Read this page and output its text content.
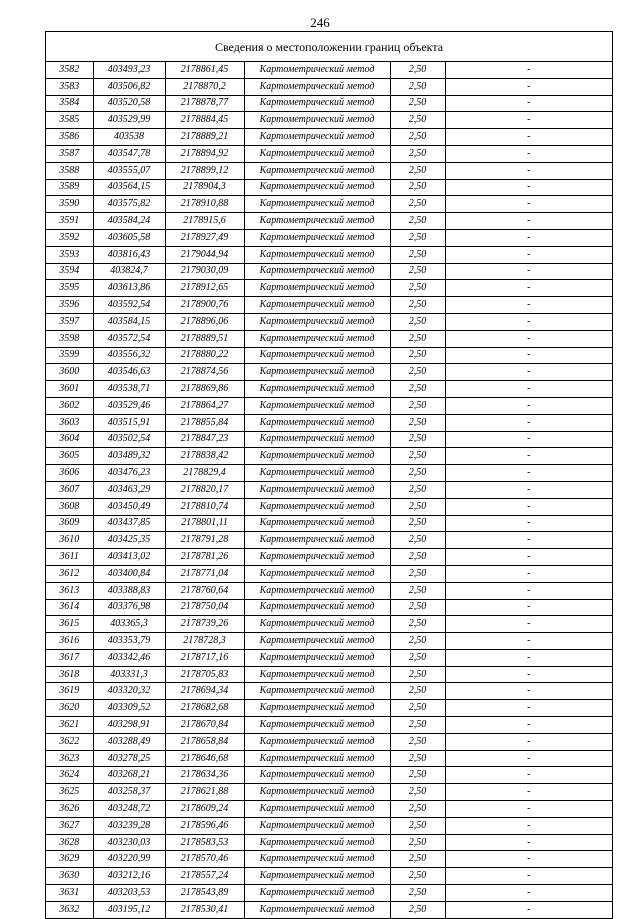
246
Сведения о местоположении границ объекта
3582	403493,23	2178861,45	Картометрический метод	2,50	-
3583	403506,82	2178870,2	Картометрический метод	2,50	-
3584	403520,58	2178878,77	Картометрический метод	2,50	-
3585	403529,99	2178884,45	Картометрический метод	2,50	-
3586	403538	2178889,21	Картометрический метод	2,50	-
3587	403547,78	2178894,92	Картометрический метод	2,50	-
3588	403555,07	2178899,12	Картометрический метод	2,50	-
3589	403564,15	2178904,3	Картометрический метод	2,50	-
3590	403575,82	2178910,88	Картометрический метод	2,50	-
3591	403584,24	2178915,6	Картометрический метод	2,50	-
3592	403605,58	2178927,49	Картометрический метод	2,50	-
3593	403816,43	2179044,94	Картометрический метод	2,50	-
3594	403824,7	2179030,09	Картометрический метод	2,50	-
3595	403613,86	2178912,65	Картометрический метод	2,50	-
3596	403592,54	2178900,76	Картометрический метод	2,50	-
3597	403584,15	2178896,06	Картометрический метод	2,50	-
3598	403572,54	2178889,51	Картометрический метод	2,50	-
3599	403556,32	2178880,22	Картометрический метод	2,50	-
3600	403546,63	2178874,56	Картометрический метод	2,50	-
3601	403538,71	2178869,86	Картометрический метод	2,50	-
3602	403529,46	2178864,27	Картометрический метод	2,50	-
3603	403515,91	2178855,84	Картометрический метод	2,50	-
3604	403502,54	2178847,23	Картометрический метод	2,50	-
3605	403489,32	2178838,42	Картометрический метод	2,50	-
3606	403476,23	2178829,4	Картометрический метод	2,50	-
3607	403463,29	2178820,17	Картометрический метод	2,50	-
3608	403450,49	2178810,74	Картометрический метод	2,50	-
3609	403437,85	2178801,11	Картометрический метод	2,50	-
3610	403425,35	2178791,28	Картометрический метод	2,50	-
3611	403413,02	2178781,26	Картометрический метод	2,50	-
3612	403400,84	2178771,04	Картометрический метод	2,50	-
3613	403388,83	2178760,64	Картометрический метод	2,50	-
3614	403376,98	2178750,04	Картометрический метод	2,50	-
3615	403365,3	2178739,26	Картометрический метод	2,50	-
3616	403353,79	2178728,3	Картометрический метод	2,50	-
3617	403342,46	2178717,16	Картометрический метод	2,50	-
3618	403331,3	2178705,83	Картометрический метод	2,50	-
3619	403320,32	2178694,34	Картометрический метод	2,50	-
3620	403309,52	2178682,68	Картометрический метод	2,50	-
3621	403298,91	2178670,84	Картометрический метод	2,50	-
3622	403288,49	2178658,84	Картометрический метод	2,50	-
3623	403278,25	2178646,68	Картометрический метод	2,50	-
3624	403268,21	2178634,36	Картометрический метод	2,50	-
3625	403258,37	2178621,88	Картометрический метод	2,50	-
3626	403248,72	2178609,24	Картометрический метод	2,50	-
3627	403239,28	2178596,46	Картометрический метод	2,50	-
3628	403230,03	2178583,53	Картометрический метод	2,50	-
3629	403220,99	2178570,46	Картометрический метод	2,50	-
3630	403212,16	2178557,24	Картометрический метод	2,50	-
3631	403203,53	2178543,89	Картометрический метод	2,50	-
3632	403195,12	2178530,41	Картометрический метод	2,50	-
